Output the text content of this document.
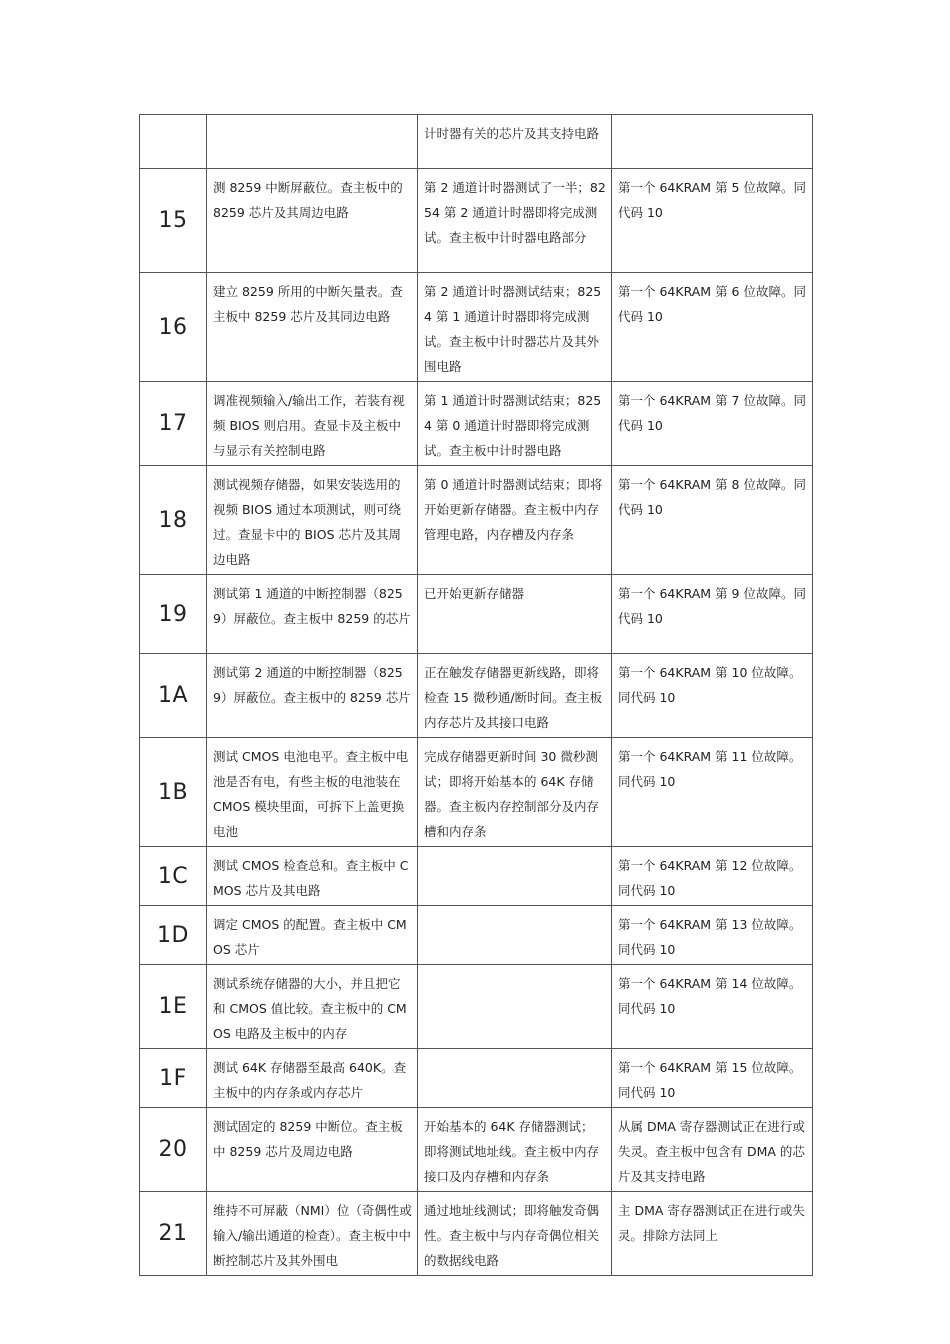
		计时器有关的芯片及其支持电路	
15	测 8259 中断屏蔽位。查主板中的 8259 芯片及其周边电路	第 2 通道计时器测试了一半；8254 第 2 通道计时器即将完成测试。查主板中计时器电路部分	第一个 64KRAM 第 5 位故障。同代码 10
16	建立 8259 所用的中断矢量表。查主板中 8259 芯片及其同边电路	第 2 通道计时器测试结束；8254 第 1 通道计时器即将完成测试。查主板中计时器芯片及其外围电路	第一个 64KRAM 第 6 位故障。同代码 10
17	调准视频输入/输出工作，若装有视频 BIOS 则启用。查显卡及主板中与显示有关控制电路	第 1 通道计时器测试结束；8254 第 0 通道计时器即将完成测试。查主板中计时器电路	第一个 64KRAM 第 7 位故障。同代码 10
18	测试视频存储器，如果安装选用的视频 BIOS 通过本项测试，则可绕过。查显卡中的 BIOS 芯片及其周边电路	第 0 通道计时器测试结束；即将开始更新存储器。查主板中内存管理电路，内存槽及内存条	第一个 64KRAM 第 8 位故障。同代码 10
19	测试第 1 通道的中断控制器（8259）屏蔽位。查主板中 8259 的芯片	已开始更新存储器	第一个 64KRAM 第 9 位故障。同代码 10
1A	测试第 2 通道的中断控制器（8259）屏蔽位。查主板中的 8259 芯片	正在触发存储器更新线路，即将检查 15 微秒通/断时间。查主板内存芯片及其接口电路	第一个 64KRAM 第 10 位故障。同代码 10
1B	测试 CMOS 电池电平。查主板中电池是否有电，有些主板的电池装在 CMOS 模块里面，可拆下上盖更换电池	完成存储器更新时间 30 微秒测试；即将开始基本的 64K 存储器。查主板内存控制部分及内存槽和内存条	第一个 64KRAM 第 11 位故障。同代码 10
1C	测试 CMOS 检查总和。查主板中 CMOS 芯片及其电路		第一个 64KRAM 第 12 位故障。同代码 10
1D	调定 CMOS 的配置。查主板中 CMOS 芯片		第一个 64KRAM 第 13 位故障。同代码 10
1E	测试系统存储器的大小，并且把它和 CMOS 值比较。查主板中的 CMOS 电路及主板中的内存		第一个 64KRAM 第 14 位故障。同代码 10
1F	测试 64K 存储器至最高 640K。查主板中的内存条或内存芯片		第一个 64KRAM 第 15 位故障。同代码 10
20	测试固定的 8259 中断位。查主板中 8259 芯片及周边电路	开始基本的 64K 存储器测试；即将测试地址线。查主板中内存接口及内存槽和内存条	从属 DMA 寄存器测试正在进行或失灵。查主板中包含有 DMA 的芯片及其支持电路
21	维持不可屏蔽（NMI）位（奇偶性或输入/输出通道的检查）。查主板中中断控制芯片及其外围电	通过地址线测试；即将触发奇偶性。查主板中与内存奇偶位相关的数据线电路	主 DMA 寄存器测试正在进行或失灵。排除方法同上
